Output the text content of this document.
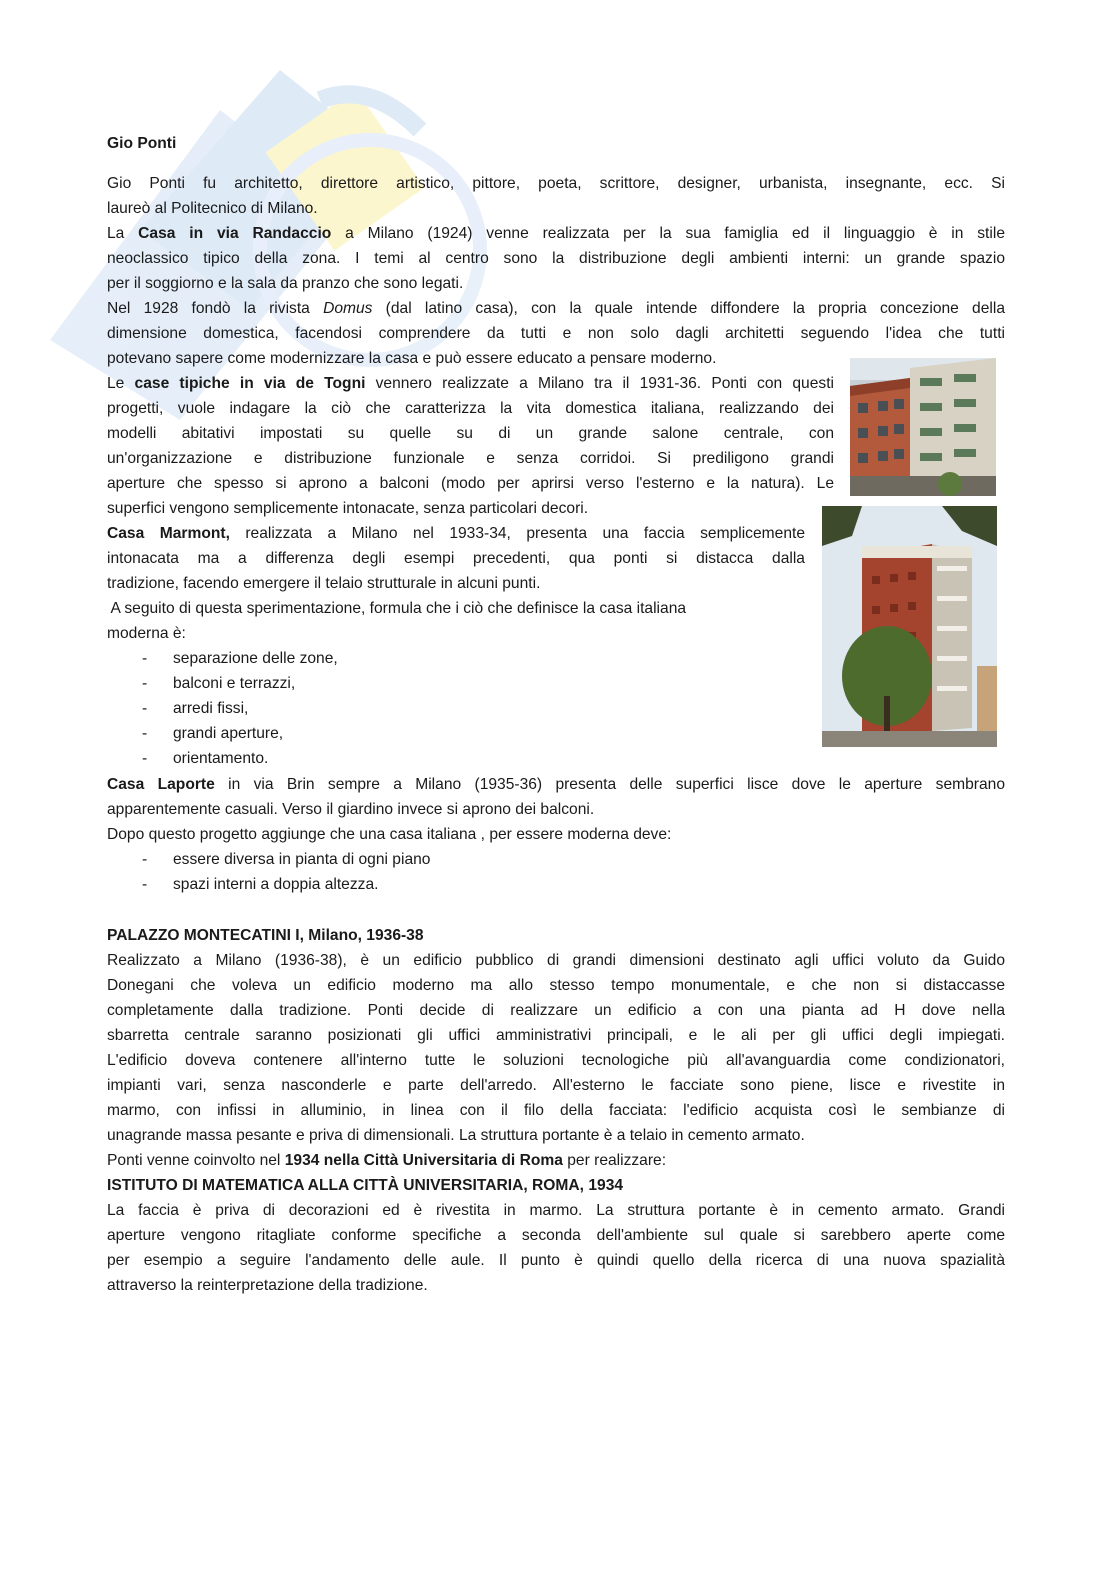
Gio Ponti
Gio Ponti fu architetto, direttore artistico, pittore, poeta, scrittore, designer, urbanista, insegnante, ecc. Si
laureò al Politecnico di Milano.
La Casa in via Randaccio a Milano (1924) venne realizzata per la sua famiglia ed il linguaggio è in stile
neoclassico tipico della zona. I temi al centro sono la distribuzione degli ambienti interni: un grande spazio
per il soggiorno e la sala da pranzo che sono legati.
Nel 1928 fondò la rivista Domus (dal latino casa), con la quale intende diffondere la propria concezione della
dimensione domestica, facendosi comprendere da tutti e non solo dagli architetti seguendo l'idea che tutti
potevano sapere come modernizzare la casa e può essere educato a pensare moderno.
Le case tipiche in via de Togni vennero realizzate a Milano tra il 1931-36. Ponti con questi
progetti, vuole indagare la ciò che caratterizza la vita domestica italiana, realizzando dei
modelli abitativi impostati su quelle su di un grande salone centrale, con
un'organizzazione e distribuzione funzionale e senza corridoi. Si prediligono grandi
aperture che spesso si aprono a balconi (modo per aprirsi verso l'esterno e la natura). Le
superfici vengono semplicemente intonacate, senza particolari decori.
Casa Marmont, realizzata a Milano nel 1933-34, presenta una faccia semplicemente
intonacata ma a differenza degli esempi precedenti, qua ponti si distacca dalla
tradizione, facendo emergere il telaio strutturale in alcuni punti.
A seguito di questa sperimentazione, formula che i ciò che definisce la casa italiana
moderna è:
- separazione delle zone,
- balconi e terrazzi,
- arredi fissi,
- grandi aperture,
- orientamento.
Casa Laporte in via Brin sempre a Milano (1935-36) presenta delle superfici lisce dove le aperture sembrano
apparentemente casuali. Verso il giardino invece si aprono dei balconi.
Dopo questo progetto aggiunge che una casa italiana , per essere moderna deve:
- essere diversa in pianta di ogni piano
- spazi interni a doppia altezza.
PALAZZO MONTECATINI I, Milano, 1936-38
Realizzato a Milano (1936-38), è un edificio pubblico di grandi dimensioni destinato agli uffici voluto da Guido
Donegani che voleva un edificio moderno ma allo stesso tempo monumentale, e che non si distaccasse
completamente dalla tradizione. Ponti decide di realizzare un edificio a con una pianta ad H dove nella
sbarretta centrale saranno posizionati gli uffici amministrativi principali, e le ali per gli uffici degli impiegati.
L'edificio doveva contenere all'interno tutte le soluzioni tecnologiche più all'avanguardia come condizionatori,
impianti vari, senza nasconderle e parte dell'arredo. All'esterno le facciate sono piene, lisce e rivestite in
marmo, con infissi in alluminio, in linea con il filo della facciata: l'edificio acquista così le sembianze di
unagrande massa pesante e priva di dimensionali. La struttura portante è a telaio in cemento armato.
Ponti venne coinvolto nel 1934 nella Città Universitaria di Roma per realizzare:
ISTITUTO DI MATEMATICA ALLA CITTÀ UNIVERSITARIA, ROMA, 1934
La faccia è priva di decorazioni ed è rivestita in marmo. La struttura portante è in cemento armato. Grandi
aperture vengono ritagliate conforme specifiche a seconda dell'ambiente sul quale si sarebbero aperte come
per esempio a seguire l'andamento delle aule. Il punto è quindi quello della ricerca di una nuova spazialità
attraverso la reinterpretazione della tradizione.
